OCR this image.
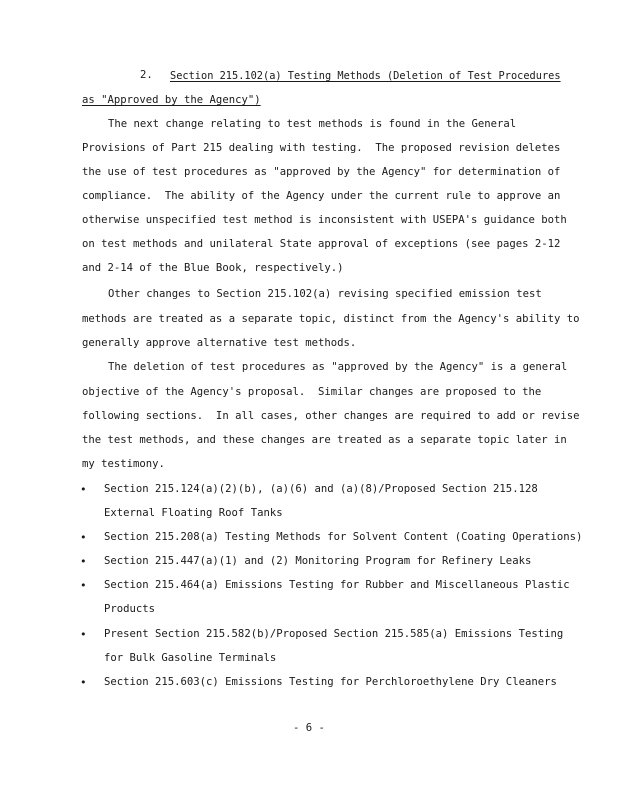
2. Section 215.102(a) Testing Methods (Deletion of Test Procedures
as "Approved by the Agency")
The next change relating to test methods is found in the General
Provisions of Part 215 dealing with testing.  The proposed revision deletes
the use of test procedures as "approved by the Agency" for determination of
compliance.  The ability of the Agency under the current rule to approve an
otherwise unspecified test method is inconsistent with USEPA's guidance both
on test methods and unilateral State approval of exceptions (see pages 2-12
and 2-14 of the Blue Book, respectively.)
Other changes to Section 215.102(a) revising specified emission test
methods are treated as a separate topic, distinct from the Agency's ability to
generally approve alternative test methods.
The deletion of test procedures as "approved by the Agency" is a general
objective of the Agency's proposal.  Similar changes are proposed to the
following sections.  In all cases, other changes are required to add or revise
the test methods, and these changes are treated as a separate topic later in
my testimony.
• Section 215.124(a)(2)(b), (a)(6) and (a)(8)/Proposed Section 215.128
External Floating Roof Tanks
• Section 215.208(a) Testing Methods for Solvent Content (Coating Operations)
• Section 215.447(a)(1) and (2) Monitoring Program for Refinery Leaks
• Section 215.464(a) Emissions Testing for Rubber and Miscellaneous Plastic
Products
• Present Section 215.582(b)/Proposed Section 215.585(a) Emissions Testing
for Bulk Gasoline Terminals
• Section 215.603(c) Emissions Testing for Perchloroethylene Dry Cleaners
- 6 -
